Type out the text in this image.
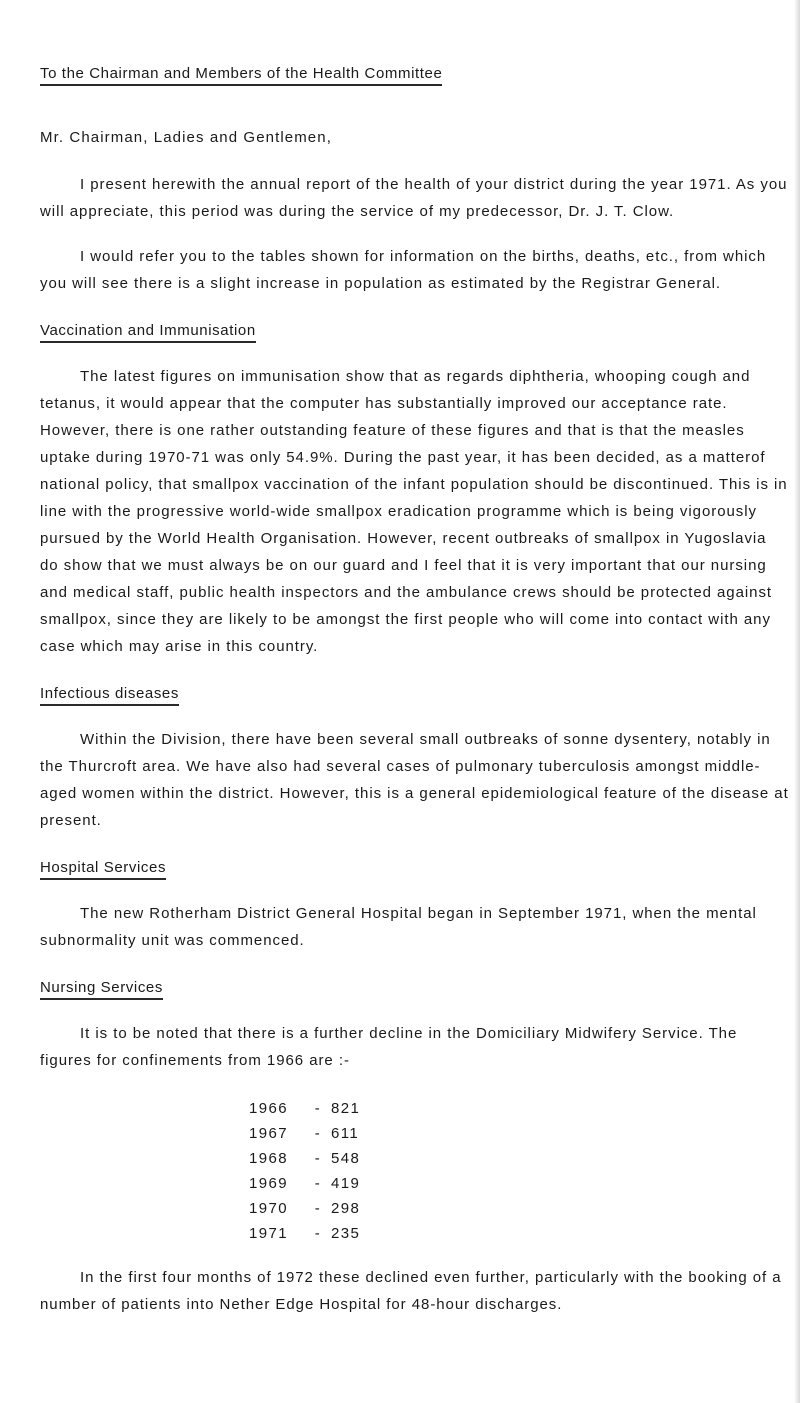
To the Chairman and Members of the Health Committee
Mr. Chairman, Ladies and Gentlemen,

I present herewith the annual report of the health of your district during the year 1971. As you will appreciate, this period was during the service of my predecessor, Dr. J. T. Clow.

I would refer you to the tables shown for information on the births, deaths, etc., from which you will see there is a slight increase in population as estimated by the Registrar General.

Vaccination and Immunisation

The latest figures on immunisation show that as regards diphtheria, whooping cough and tetanus, it would appear that the computer has substantially improved our acceptance rate. However, there is one rather outstanding feature of these figures and that is that the measles uptake during 1970-71 was only 54.9%. During the past year, it has been decided, as a matterof national policy, that smallpox vaccination of the infant population should be discontinued. This is in line with the progressive world-wide smallpox eradication programme which is being vigorously pursued by the World Health Organisation. However, recent outbreaks of smallpox in Yugoslavia do show that we must always be on our guard and I feel that it is very important that our nursing and medical staff, public health inspectors and the ambulance crews should be protected against smallpox, since they are likely to be amongst the first people who will come into contact with any case which may arise in this country.

Infectious diseases

Within the Division, there have been several small outbreaks of sonne dysentery, notably in the Thurcroft area. We have also had several cases of pulmonary tuberculosis amongst middle-aged women within the district. However, this is a general epidemiological feature of the disease at present.

Hospital Services

The new Rotherham District General Hospital began in September 1971, when the mental subnormality unit was commenced.

Nursing Services

It is to be noted that there is a further decline in the Domiciliary Midwifery Service. The figures for confinements from 1966 are :-

1966	- 821
1967	- 611
1968	- 548
1969	- 419
1970	- 298
1971	- 235

In the first four months of 1972 these declined even further, particularly with the booking of a number of patients into Nether Edge Hospital for 48-hour discharges.
